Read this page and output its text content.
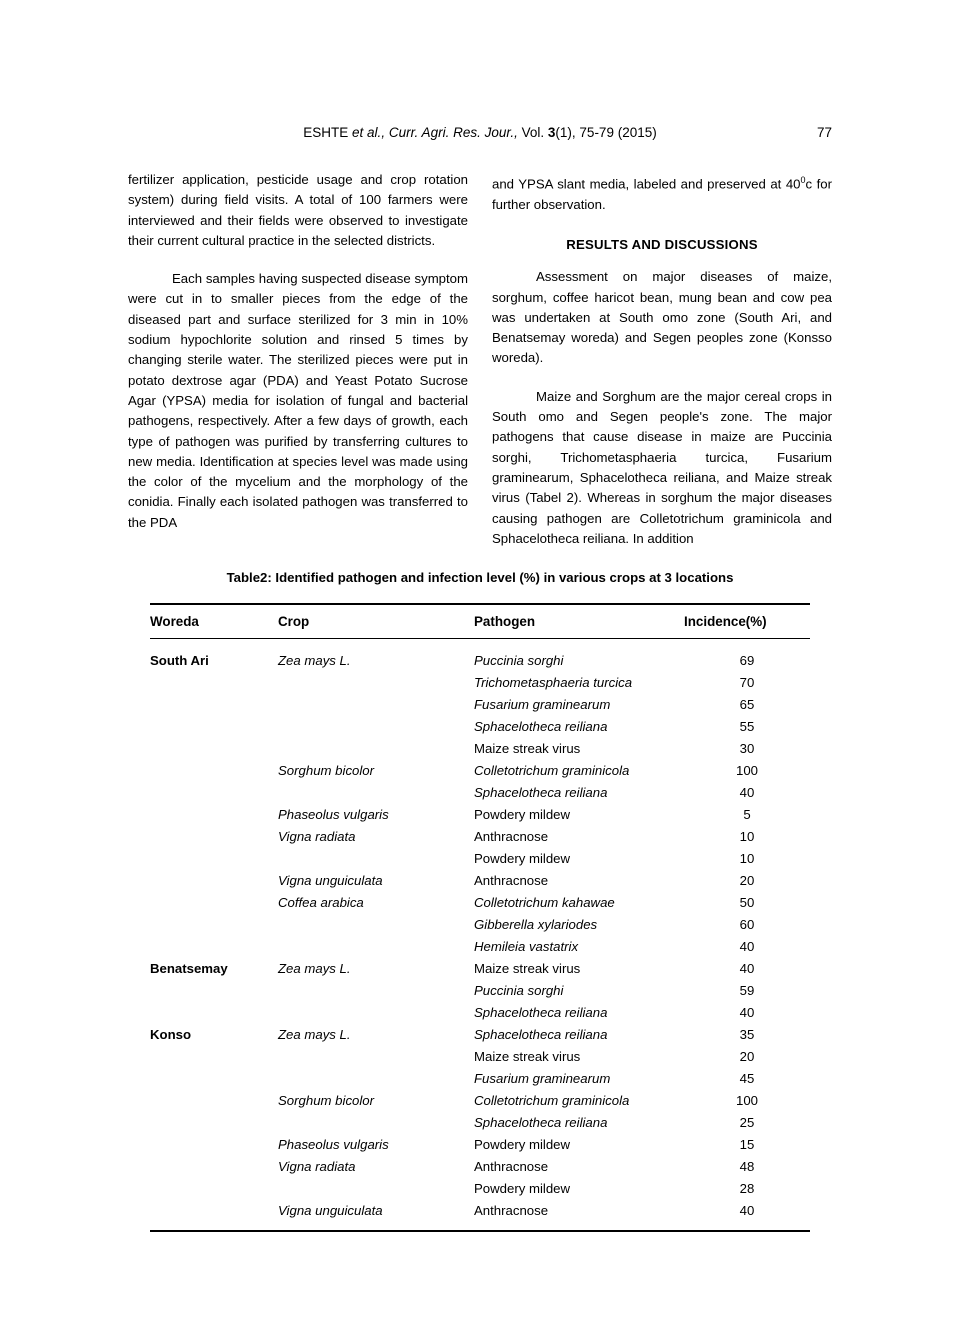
ESHTE et al., Curr. Agri. Res. Jour., Vol. 3(1), 75-79 (2015)	77

fertilizer application, pesticide usage and crop rotation system) during field visits. A total of 100 farmers were interviewed and their fields were observed to investigate their current cultural practice in the selected districts.

Each samples having suspected disease symptom were cut in to smaller pieces from the edge of the diseased part and surface sterilized for 3 min in 10% sodium hypochlorite solution and rinsed 5 times by changing sterile water. The sterilized pieces were put in potato dextrose agar (PDA) and Yeast Potato Sucrose Agar (YPSA) media for isolation of fungal and bacterial pathogens, respectively. After a few days of growth, each type of pathogen was purified by transferring cultures to new media. Identification at species level was made using the color of the mycelium and the morphology of the conidia. Finally each isolated pathogen was transferred to the PDA

and YPSA slant media, labeled and preserved at $40^0c$ for further observation.

RESULTS AND DISCUSSIONS

Assessment on major diseases of maize, sorghum, coffee haricot bean, mung bean and cow pea was undertaken at South omo zone (South Ari, and Benatsemay woreda) and Segen peoples zone (Konsso woreda).

Maize and Sorghum are the major cereal crops in South omo and Segen people's zone. The major pathogens that cause disease in maize are Puccinia sorghi, Trichometasphaeria turcica, Fusarium graminearum, Sphacelotheca reiliana, and Maize streak virus (Tabel 2). Whereas in sorghum the major diseases causing pathogen are Colletotrichum graminicola and Sphacelotheca reiliana. In addition

Table2: Identified pathogen and infection level (%) in various crops at 3 locations
Woreda	Crop	Pathogen	Incidence(%)

South Ari	Zea mays L.	Puccinia sorghi	69
		Trichometasphaeria turcica	70
		Fusarium graminearum	65
		Sphacelotheca reiliana	55
		Maize streak virus	30
	Sorghum bicolor	Colletotrichum graminicola	100
		Sphacelotheca reiliana	40
	Phaseolus vulgaris	Powdery mildew	5
	Vigna radiata	Anthracnose	10
		Powdery mildew	10
	Vigna unguiculata	Anthracnose	20
	Coffea arabica	Colletotrichum kahawae	50
		Gibberella xylariodes	60
		Hemileia vastatrix	40
Benatsemay	Zea mays L.	Maize streak virus	40
		Puccinia sorghi	59
		Sphacelotheca reiliana	40
Konso	Zea mays L.	Sphacelotheca reiliana	35
		Maize streak virus	20
		Fusarium graminearum	45
	Sorghum bicolor	Colletotrichum graminicola	100
		Sphacelotheca reiliana	25
	Phaseolus vulgaris	Powdery mildew	15
	Vigna radiata	Anthracnose	48
		Powdery mildew	28
	Vigna unguiculata	Anthracnose	40
